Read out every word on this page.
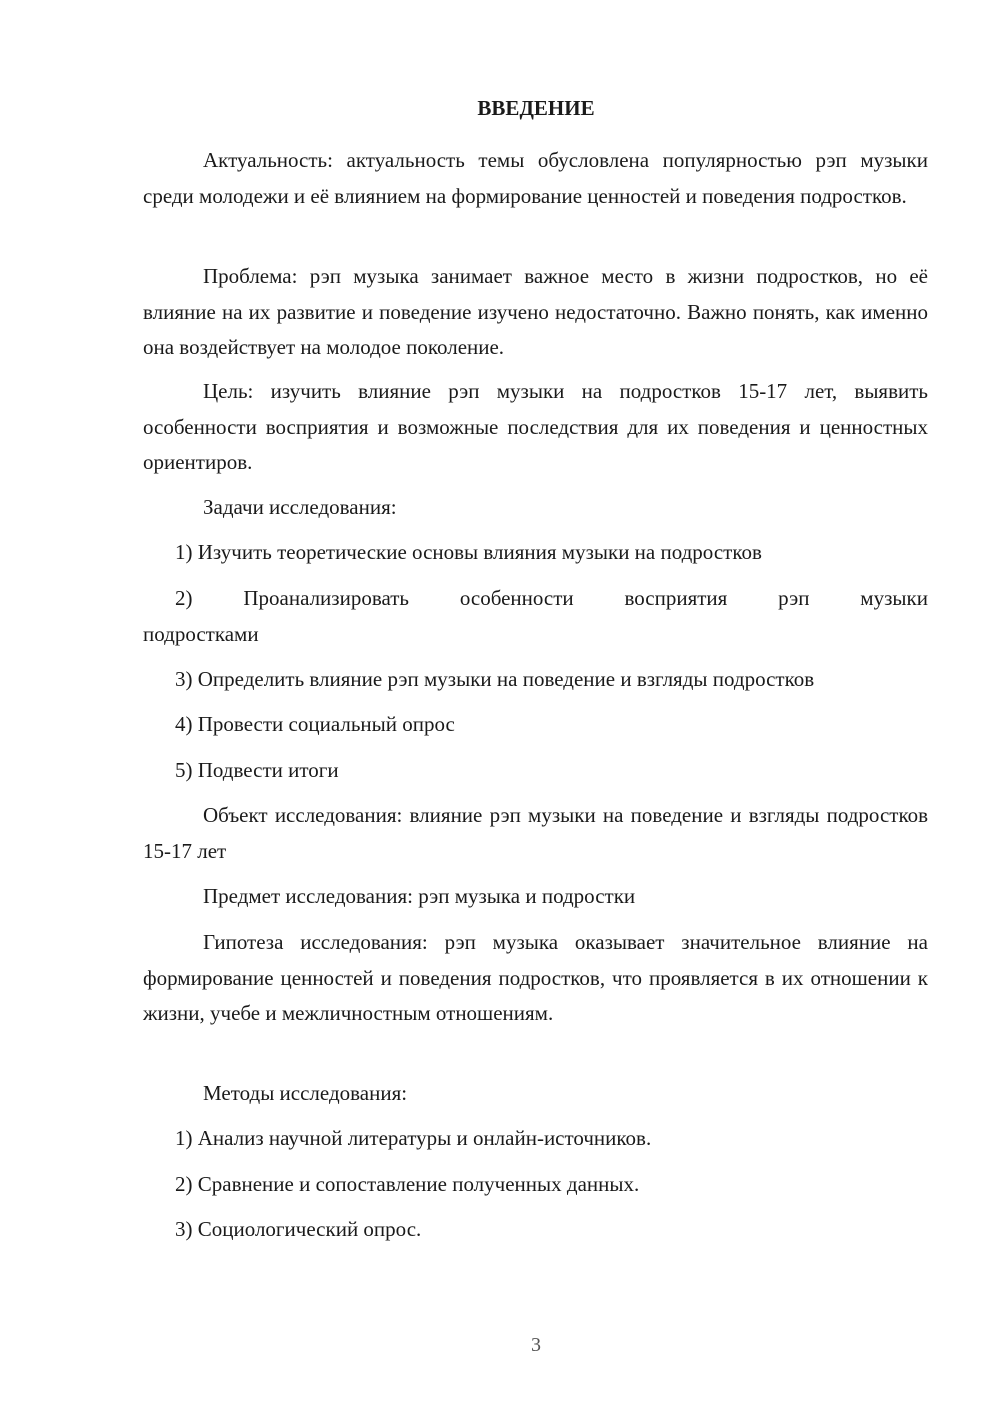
ВВЕДЕНИЕ

Актуальность: актуальность темы обусловлена популярностью рэп музыки среди молодежи и её влиянием на формирование ценностей и поведения подростков.

Проблема: рэп музыка занимает важное место в жизни подростков, но её влияние на их развитие и поведение изучено недостаточно. Важно понять, как именно она воздействует на молодое поколение.

Цель: изучить влияние рэп музыки на подростков 15-17 лет, выявить особенности восприятия и возможные последствия для их поведения и ценностных ориентиров.

Задачи исследования:

1) Изучить теоретические основы влияния музыки на подростков

2) Проанализировать особенности восприятия рэп музыки
подростками

3) Определить влияние рэп музыки на поведение и взгляды подростков

4) Провести социальный опрос

5) Подвести итоги

Объект исследования: влияние рэп музыки на поведение и взгляды подростков 15-17 лет

Предмет исследования: рэп музыка и подростки

Гипотеза исследования: рэп музыка оказывает значительное влияние на формирование ценностей и поведения подростков, что проявляется в их отношении к жизни, учебе и межличностным отношениям.

Методы исследования:

1) Анализ научной литературы и онлайн-источников.

2) Сравнение и сопоставление полученных данных.

3) Социологический опрос.

3
